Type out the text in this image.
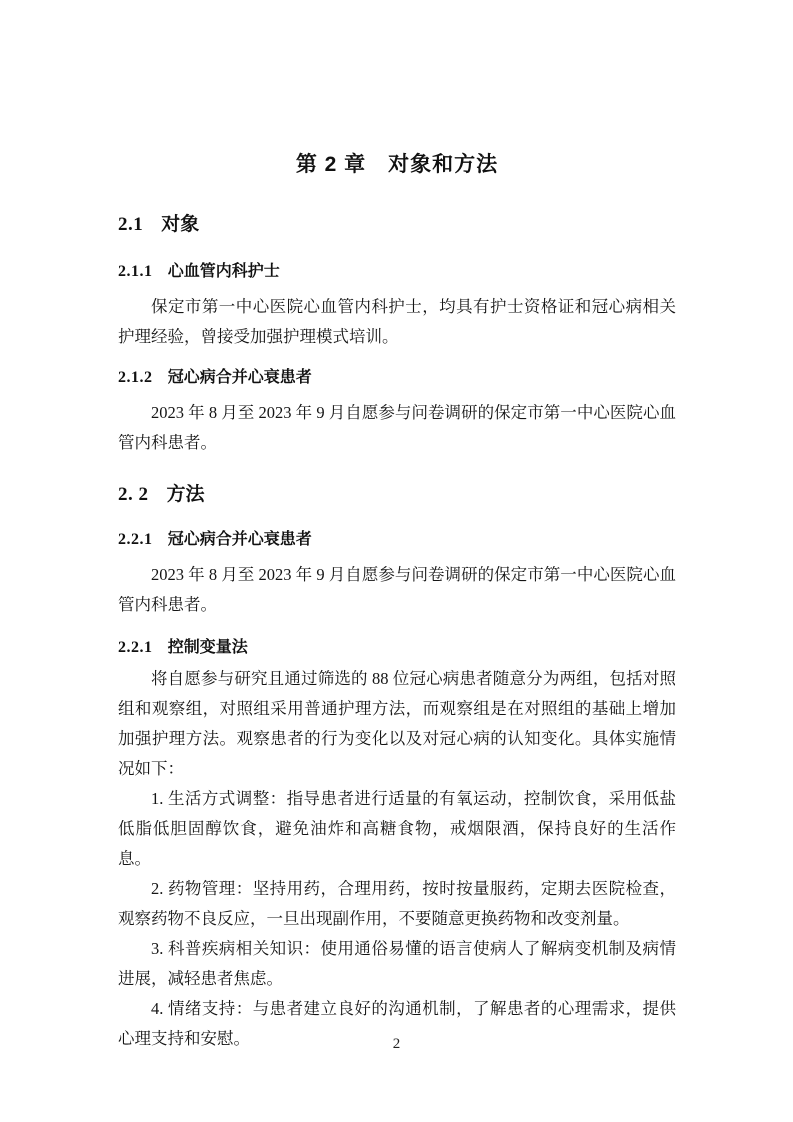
第 2 章　对象和方法
2.1 对象
2.1.1 心血管内科护士

保定市第一中心医院心血管内科护士，均具有护士资格证和冠心病相关护理经验，曾接受加强护理模式培训。

2.1.2 冠心病合并心衰患者

2023 年 8 月至 2023 年 9 月自愿参与问卷调研的保定市第一中心医院心血管内科患者。

2. 2 方法
2.2.1 冠心病合并心衰患者

2023 年 8 月至 2023 年 9 月自愿参与问卷调研的保定市第一中心医院心血管内科患者。

2.2.1 控制变量法

将自愿参与研究且通过筛选的 88 位冠心病患者随意分为两组，包括对照组和观察组，对照组采用普通护理方法，而观察组是在对照组的基础上增加加强护理方法。观察患者的行为变化以及对冠心病的认知变化。具体实施情况如下：

1. 生活方式调整：指导患者进行适量的有氧运动，控制饮食，采用低盐低脂低胆固醇饮食，避免油炸和高糖食物，戒烟限酒，保持良好的生活作息。

2. 药物管理：坚持用药，合理用药，按时按量服药，定期去医院检查，观察药物不良反应，一旦出现副作用，不要随意更换药物和改变剂量。

3. 科普疾病相关知识：使用通俗易懂的语言使病人了解病变机制及病情进展，减轻患者焦虑。

4. 情绪支持：与患者建立良好的沟通机制，了解患者的心理需求，提供心理支持和安慰。	2
